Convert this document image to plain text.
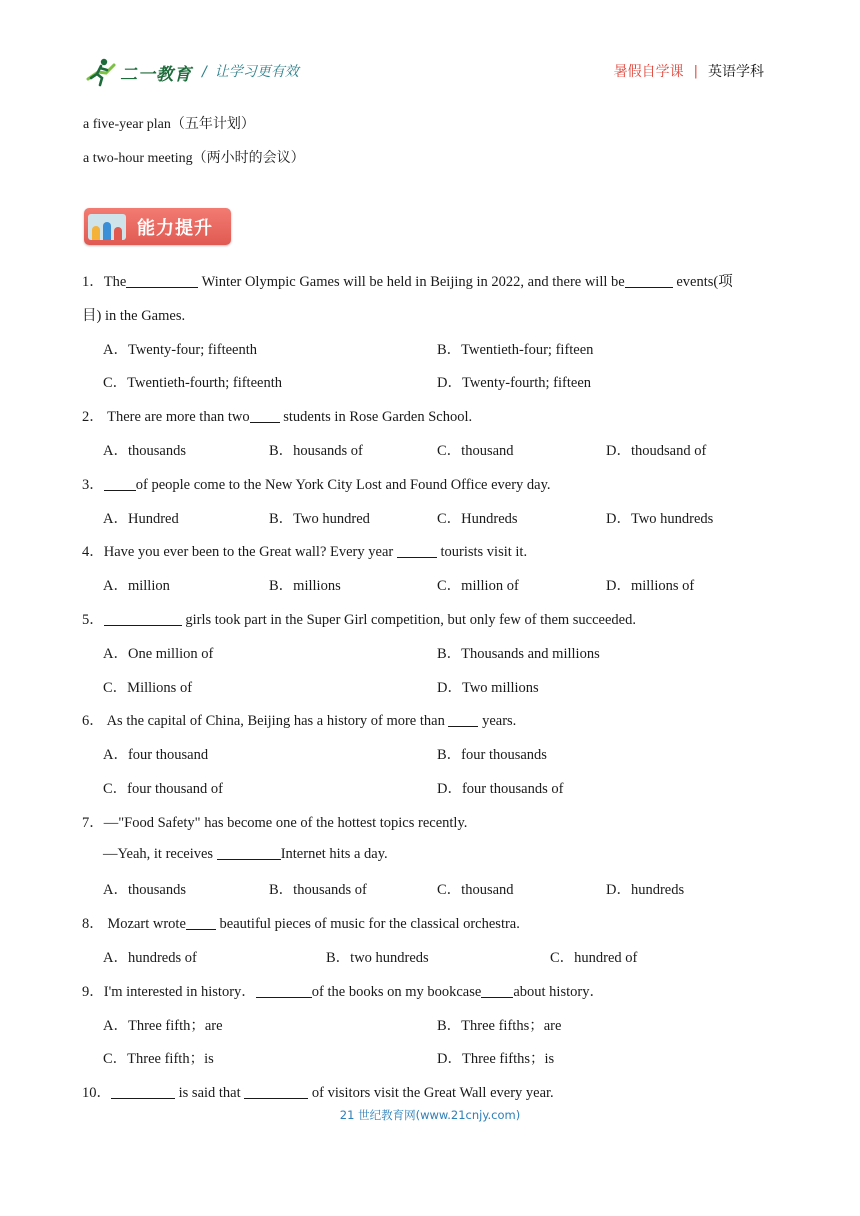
二一教育 / 让学习更有效	暑假自学课 | 英语学科
a five-year plan（五年计划）
a two-hour meeting（两小时的会议）
能力提升
1．The	Winter Olympic Games will be held in Beijing in 2022, and there will be	events(项
目) in the Games.
A．Twenty-four; fifteenth	B．Twentieth-four; fifteen
C．Twentieth-fourth; fifteenth	D．Twenty-fourth; fifteen
2． There are more than two students in Rose Garden School.
A．thousands	B．housands of	C．thousand	D．thoudsand of
3． of people come to the New York City Lost and Found Office every day.
A．Hundred	B．Two hundred	C．Hundreds	D．Two hundreds
4．Have you ever been to the Great wall? Every year	tourists visit it.
A．million	B．millions	C．million of	D．millions of
5．	girls took part in the Super Girl competition, but only few of them succeeded.
A．One million of	B．Thousands and millions
C．Millions of	D．Two millions
6． As the capital of China, Beijing has a history of more than  years.
A．four thousand	B．four thousands
C．four thousand of	D．four thousands of
7．—"Food Safety" has become one of the hottest topics recently.
—Yeah, it receives	Internet hits a day.
A．thousands	B．thousands of	C．thousand	D．hundreds
8． Mozart wrote beautiful pieces of music for the classical orchestra.
A．hundreds of	B．two hundreds	C．hundred of
9．I'm interested in history．	of the books on my bookcase about history．
A．Three fifth；are	B．Three fifths；are
C．Three fifth；is	D．Three fifths；is
10．	is said that	of visitors visit the Great Wall every year.
21 世纪教育网(www.21cnjy.com)
